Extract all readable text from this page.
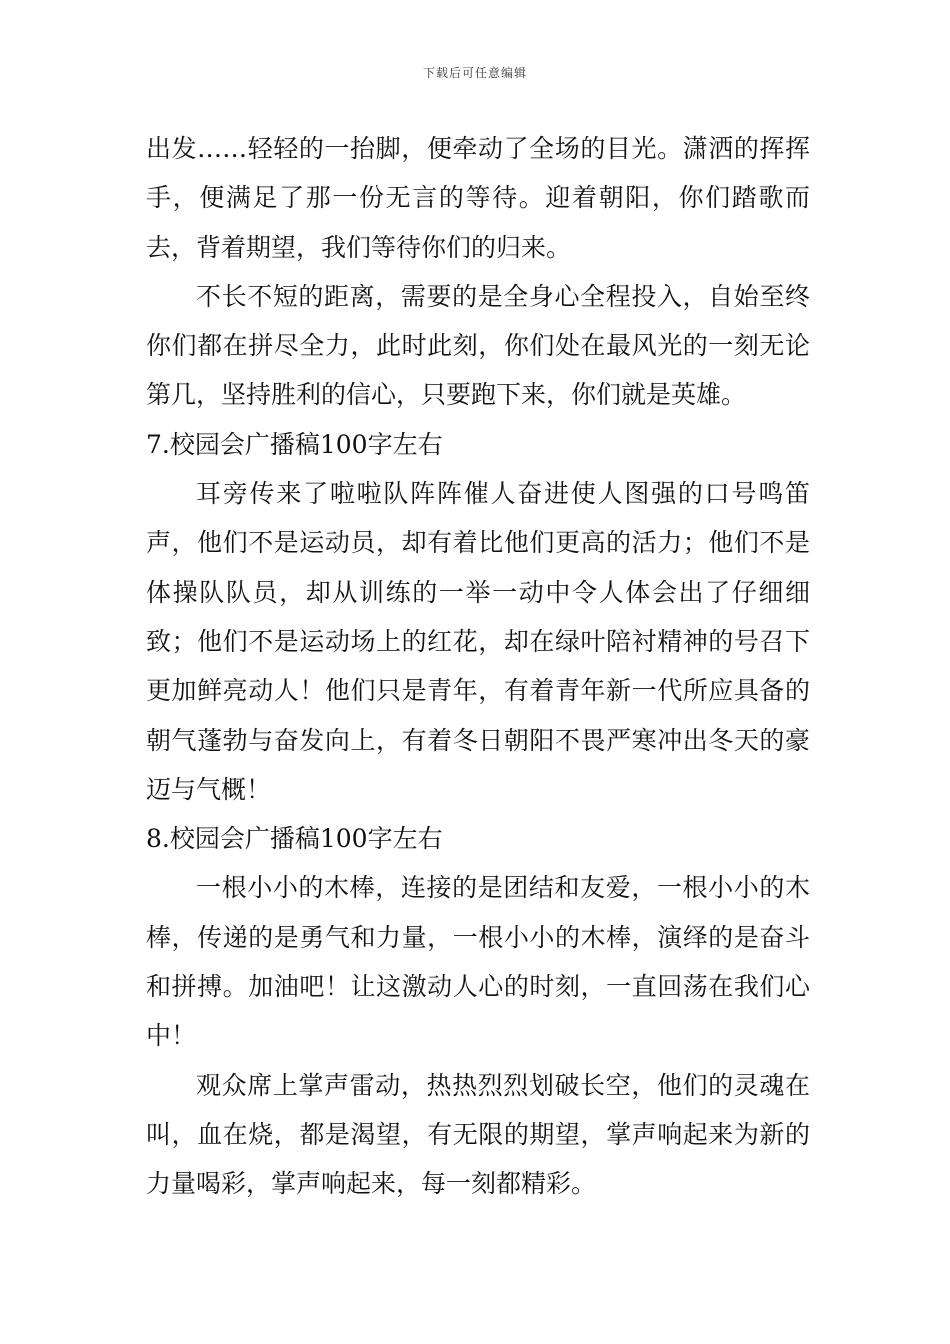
下载后可任意编辑

出发……轻轻的一抬脚，便牵动了全场的目光。潇洒的挥挥手，便满足了那一份无言的等待。迎着朝阳，你们踏歌而去，背着期望，我们等待你们的归来。

不长不短的距离，需要的是全身心全程投入，自始至终你们都在拼尽全力，此时此刻，你们处在最风光的一刻无论第几，坚持胜利的信心，只要跑下来，你们就是英雄。

7.校园会广播稿100字左右

耳旁传来了啦啦队阵阵催人奋进使人图强的口号鸣笛声，他们不是运动员，却有着比他们更高的活力；他们不是体操队队员，却从训练的一举一动中令人体会出了仔细细致；他们不是运动场上的红花，却在绿叶陪衬精神的号召下更加鲜亮动人！他们只是青年，有着青年新一代所应具备的朝气蓬勃与奋发向上，有着冬日朝阳不畏严寒冲出冬天的豪迈与气概！

8.校园会广播稿100字左右

一根小小的木棒，连接的是团结和友爱，一根小小的木棒，传递的是勇气和力量，一根小小的木棒，演绎的是奋斗和拼搏。加油吧！让这激动人心的时刻，一直回荡在我们心中！

观众席上掌声雷动，热热烈烈划破长空，他们的灵魂在叫，血在烧，都是渴望，有无限的期望，掌声响起来为新的力量喝彩，掌声响起来，每一刻都精彩。
